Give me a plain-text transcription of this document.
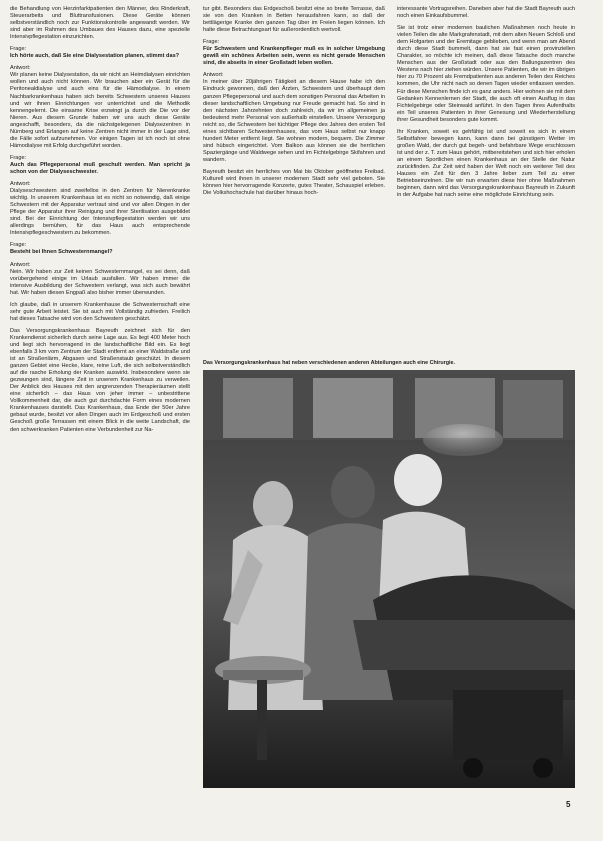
die Behandlung von Herzinfarktpatienten den Männer, des Rinderkraft, Steuerarbeits und Bluttransfusionen. Diese Geräte können selbstverständlich noch zur Funktionskontrolle angewandt werden. Wir sind aber im Rahmen des Umbaues des Hauses dazu, eine spezielle Intensivpflegestation einzurichten.

Frage:

Ich hörte auch, daß Sie eine Dialysestation planen, stimmt das?

Antwort:

Wir planen keine Dialysestation, da wir nicht an Heimdialysen einrichten wollen und auch nicht können. Wir brauchen aber ein Gerät für die Peritonealdialyse und auch eins für die Hämodialyse. In einem Nachbarkrankenhaus haben sich bereits Schwestern unseres Hauses und wir ihnen Einrichtungen vor unterrichtet und die Methodik kennengelernt. Die einsame Krise erzwingt ja durch die Die vor der Nieren. Aus diesem Grunde haben wir uns auch diese Geräte angeschafft, besonders, da die nächstgelegenen Dialysezentren in Nürnberg und Erlangen auf keine Zentren nicht immer in der Lage sind, die Fälle sofort aufzunehmen. Vor einigen Tagen ist ich noch ist ohne Hämodialyse mit Erfolg durchgeführt worden.

Frage:

Auch das Pflegepersonal muß geschult werden. Man spricht ja schon von der Dialyseschwester.

Antwort:

Dialyseschwestern sind zweifellos in den Zentren für Nierenkranke wichtig. In unserem Krankenhaus ist es nicht so notwendig, daß einige Schwestern mit der Apparatur vertraut sind und vor allen Dingen in der Pflege der Apparatur ihrer Reinigung und ihrer Sterilisation ausgebildet sind. Bei der Einrichtung der Intensivpflegestation werden wir uns allerdings bemühen, für das Haus auch entsprechende Intensivpflegeschwestern zu bekommen.

Frage:

Besteht bei Ihnen Schwesternmangel?

Antwort:

Nein. Wir haben zur Zeit keinen Schwesternmangel, es sei denn, daß vorübergehend einige im Urlaub ausfallen. Wir haben immer die intensive Ausbildung der Schwestern verlangt, was sich auch bewährt hat. Wir haben diesen Engpaß also bisher immer überwunden.

Ich glaube, daß in unserem Krankenhause die Schwesternschaft eine sehr gute Arbeit leistet. Sie ist auch mit Vollständig zufrieden. Freilich hat dieses Tatsache wird von den Schwestern geschätzt.

Das Versorgungskrankenhaus Bayreuth zeichnet sich für den Krankendienst sicherlich durch seine Lage aus. Es liegt 400 Meter hoch und liegt sich hervorragend in die landschaftliche Bild ein. Es liegt ebenfalls 3 km vom Zentrum der Stadt entfernt an einer Waldstraße und ist an Straßenlärm, Abgasen und Straßenstaub geschützt. In diesem ganzen Gebiet eine Hecke, klare, reine Luft, die sich selbstverständlich auf die rasche Erholung der Kranken auswirkt. Insbesondere wenn sie gezwungen sind, längere Zeit in unserem Krankenhaus zu verweilen. Der Anblick des Hauses mit den angrenzenden Therapieräumen stellt eine sicherlich – das Haus von jeher immer – unbestrittene Vollkommenheit dar, die auch gut durchdachte Form eines modernen Krankenhauses darstellt. Das Krankenhaus, das Ende der 50er Jahre gebaut wurde, besitzt vor allen Dingen auch im Erdgeschoß und ersten Geschoß große Terrassen mit einem Blick in die weite Landschaft, die den schwerkranken Patienten eine Verbundenheit zur Na-

tur gibt. Besonders das Erdgeschoß besitzt eine so breite Terrasse, daß sie von den Kranken in Betten herausfahren kann, so daß der bettlägerige Kranke den ganzen Tag über im Freien liegen können. Ich halte diese Betrachtungsart für außerordentlich wertvoll.

Frage:

Für Schwestern und Krankenpfleger muß es in solcher Umgebung gewiß ein schönes Arbeiten sein, wenn es nicht gerade Menschen sind, die abseits in einer Großstadt leben wollen.

Antwort:

In meiner über 20jährigen Tätigkeit an diesem Hause habe ich den Eindruck gewonnen, daß den Ärzten, Schwestern und überhaupt dem ganzen Pflegepersonal und auch dem sonstigen Personal das Arbeiten in dieser landschaftlichen Umgebung nur Freude gemacht hat. So sind in den nächsten Jahrzehnten doch zahlreich, da wir im allgemeinen ja bedeutend mehr Personal von außerhalb einstellen. Unsere Versorgung reicht so, die Schwestern bei tüchtiger Pflege des Jahres den ersten Teil eines sichtbaren Schwesternhauses, das vom Haus selbst nur knapp hundert Meter entfernt liegt. Sie wohnen modern, bequem. Die Zimmer sind hübsch eingerichtet. Vom Balkon aus können sie die herrlichen Spaziergänge und Waldwege sehen und im Fichtelgebirge Skifahren und wandern.

Bayreuth besitzt ein herrliches von Mai bis Oktober geöffnetes Freibad. Kulturell wird ihnen in unserer modernen Stadt sehr viel geboten. Sie können hier hervorragende Konzerte, gutes Theater, Schauspiel erleben. Die Volkshochschule hat darüber hinaus hoch-

interessante Vortragsreihen. Daneben aber hat die Stadt Bayreuth auch noch einen Einkaufsbummel.

Sie ist trotz einer modernen baulichen Maßnahmen noch heute in vielen Teilen die alte Markgrafenstadt, mit dem alten Neuen Schloß und dem Hofgarten und der Eremitage geblieben, und wenn man am Abend durch diese Stadt bummelt, dann hat sie fast einen provinziellen Charakter, so möchte ich meinen, daß diese Tatsache doch manche Menschen aus der Großstadt oder aus den Ballungszentren des Westens nach hier ziehen würden. Unsere Patienten, die wir im übrigen hier zu 70 Prozent als Fremdpatienten aus anderen Teilen des Reiches kommen, die Uhr nicht nach so denen Tagen wieder entlassen werden. Für diese Menschen finde ich es ganz anders. Hier wohnen sie mit dem Gedanken Kennenlernen der Stadt, die auch oft einen Ausflug in das Fichtelgebirge oder Steinwald anführt. In den Tagen ihres Aufenthalts ein Teil unseres Patienten in ihrer Genesung und Wiederherstellung ihrer Gesundheit besonders gute kommt.

Ihr Kranken, soweit es gehfähig ist und soweit es sich in einem Selbstfahrer bewegen kann, kann dann bei günstigem Wetter im großen Wald, der durch gut begeh- und befahrbare Wege erschlossen ist und der z. T. zum Haus gehört, mitbereitstehen und sich hier erholen an einem Sportlichen einen Krankenhaus an der Stelle der Natur zurückfinden. Zur Zeit wird haben der Welt noch ein weiterer Teil des Hauses ein Zeit für den 3 Jahre lieber zum Teil zu einer Betriebseinzelnen. Die wir nun erwarten diese hier ohne Maßnahmen beginnen, dann wird das Versorgungskrankenhaus Bayreuth in Zukunft in der Aufgabe hat nach seine eine möglichste Einrichtung sein.

Das Versorgungskrankenhaus hat neben verschiedenen anderen Abteilungen auch eine Chirurgie.
5
